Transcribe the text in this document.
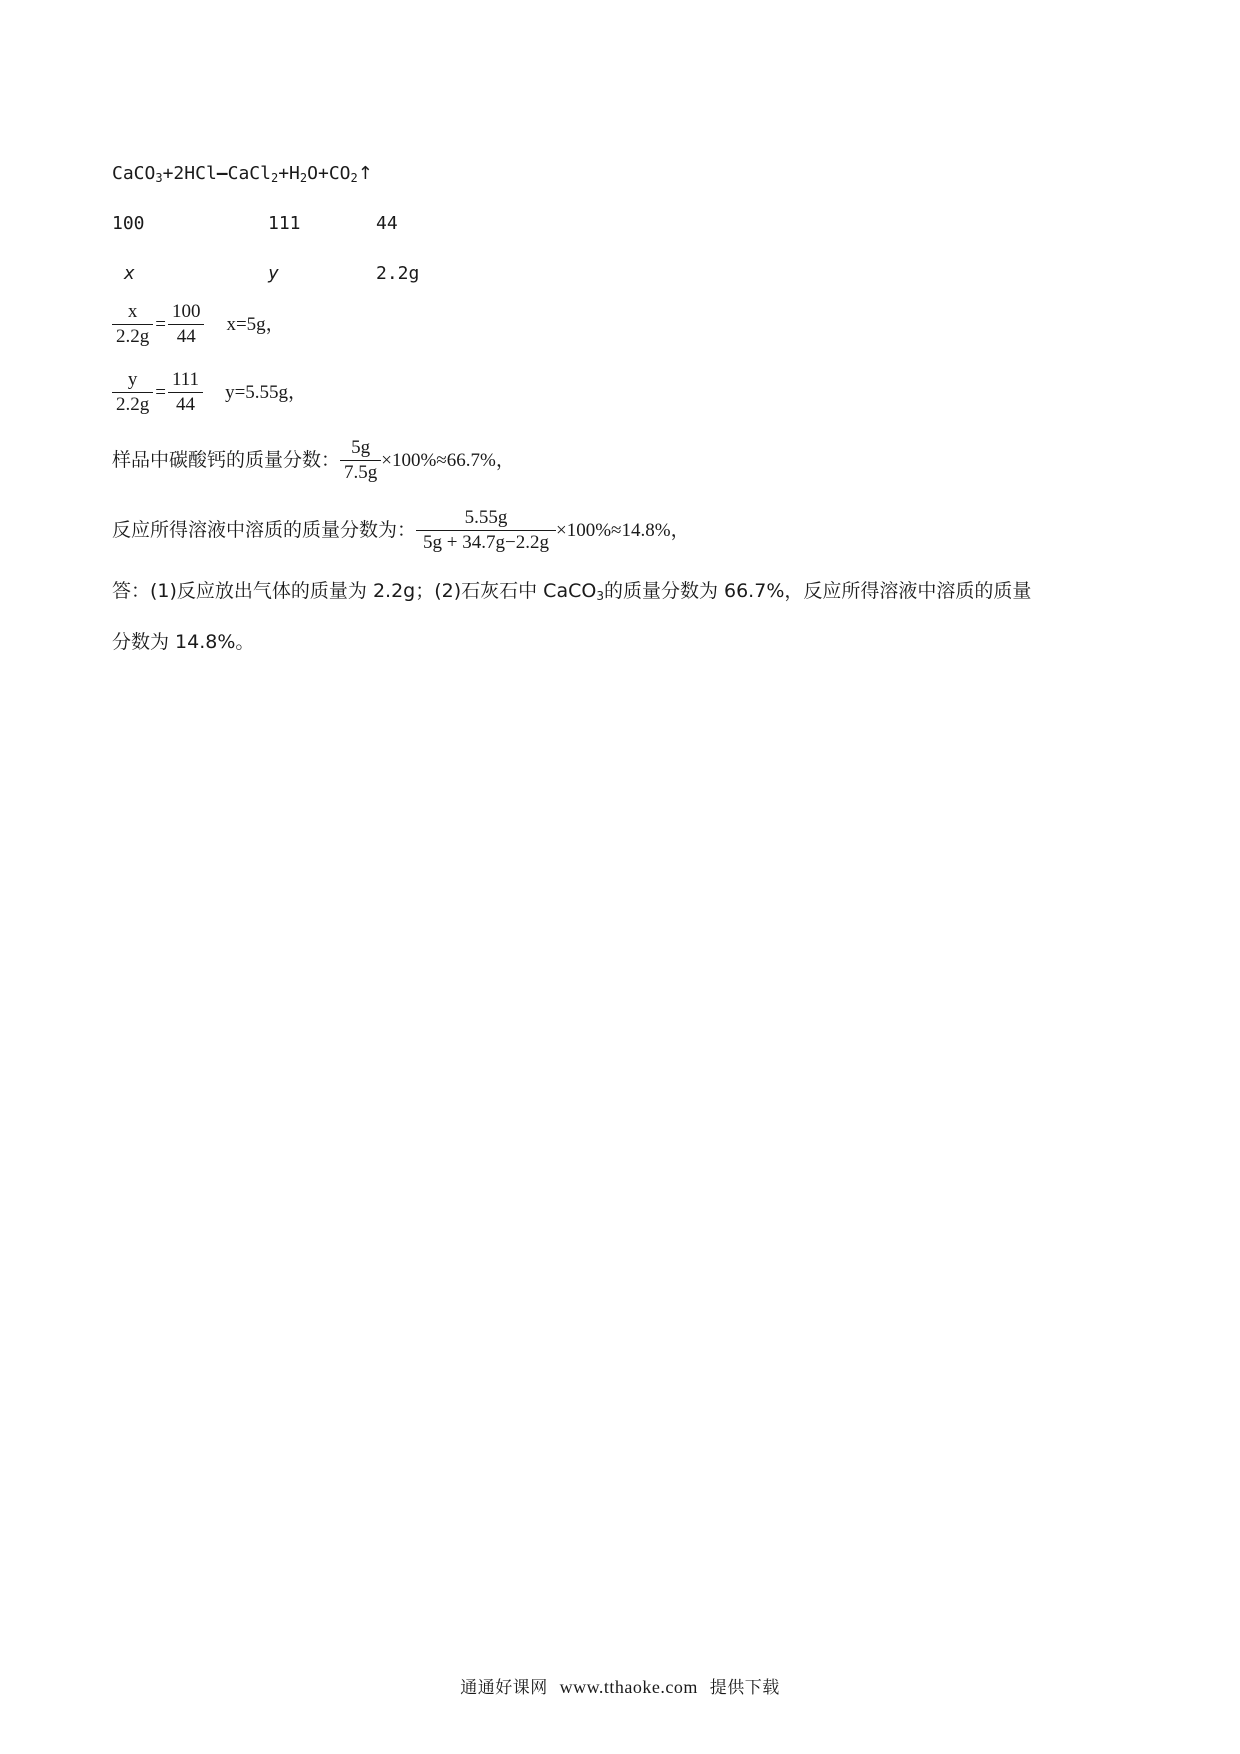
$CaCO_3+2HCl—CaCl_2+H_2O+CO_2↑$
100	111	44
x	y	2.2g
$\frac{x}{2.2g} = \frac{100}{44} x=5g$，
$\frac{y}{2.2g} = \frac{111}{44} y=5.55g$，
样品中碳酸钙的质量分数： $\frac{5g}{7.5g} \times 100\%\approx 66.7\%$，
反应所得溶液中溶质的质量分数为： $\frac{5.55g}{5g + 34.7g-2.2g} \times 100\%\approx 14.8\%$，
答：(1)反应放出气体的质量为 2.2g；(2)石灰石中 CaCO$_3$的质量分数为 66.7%，反应所得溶液中溶质的质量
分数为 14.8%。
通通好课网 www.tthaoke.com 提供下载
